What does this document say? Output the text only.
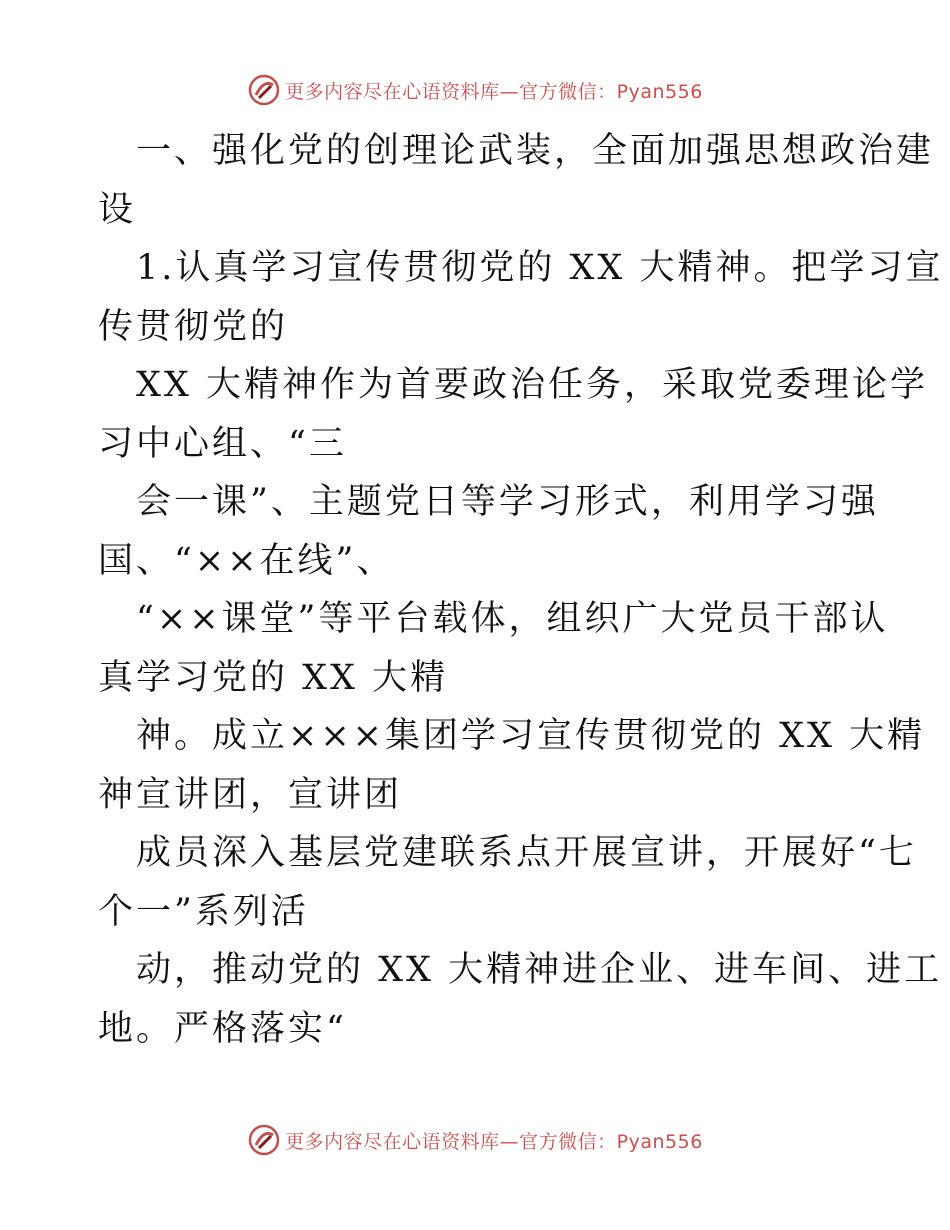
更多内容尽在心语资料库—官方微信：Pyan556
一、强化党的创理论武装，全面加强思想政治建
设
1.认真学习宣传贯彻党的 XX 大精神。把学习宣
传贯彻党的
XX 大精神作为首要政治任务，采取党委理论学
习中心组、“三
会一课”、主题党日等学习形式，利用学习强
国、“××在线”、
“××课堂”等平台载体，组织广大党员干部认
真学习党的 XX 大精
神。成立×××集团学习宣传贯彻党的 XX 大精
神宣讲团，宣讲团
成员深入基层党建联系点开展宣讲，开展好“七
个一”系列活
动，推动党的 XX 大精神进企业、进车间、进工
地。严格落实“
更多内容尽在心语资料库—官方微信：Pyan556
